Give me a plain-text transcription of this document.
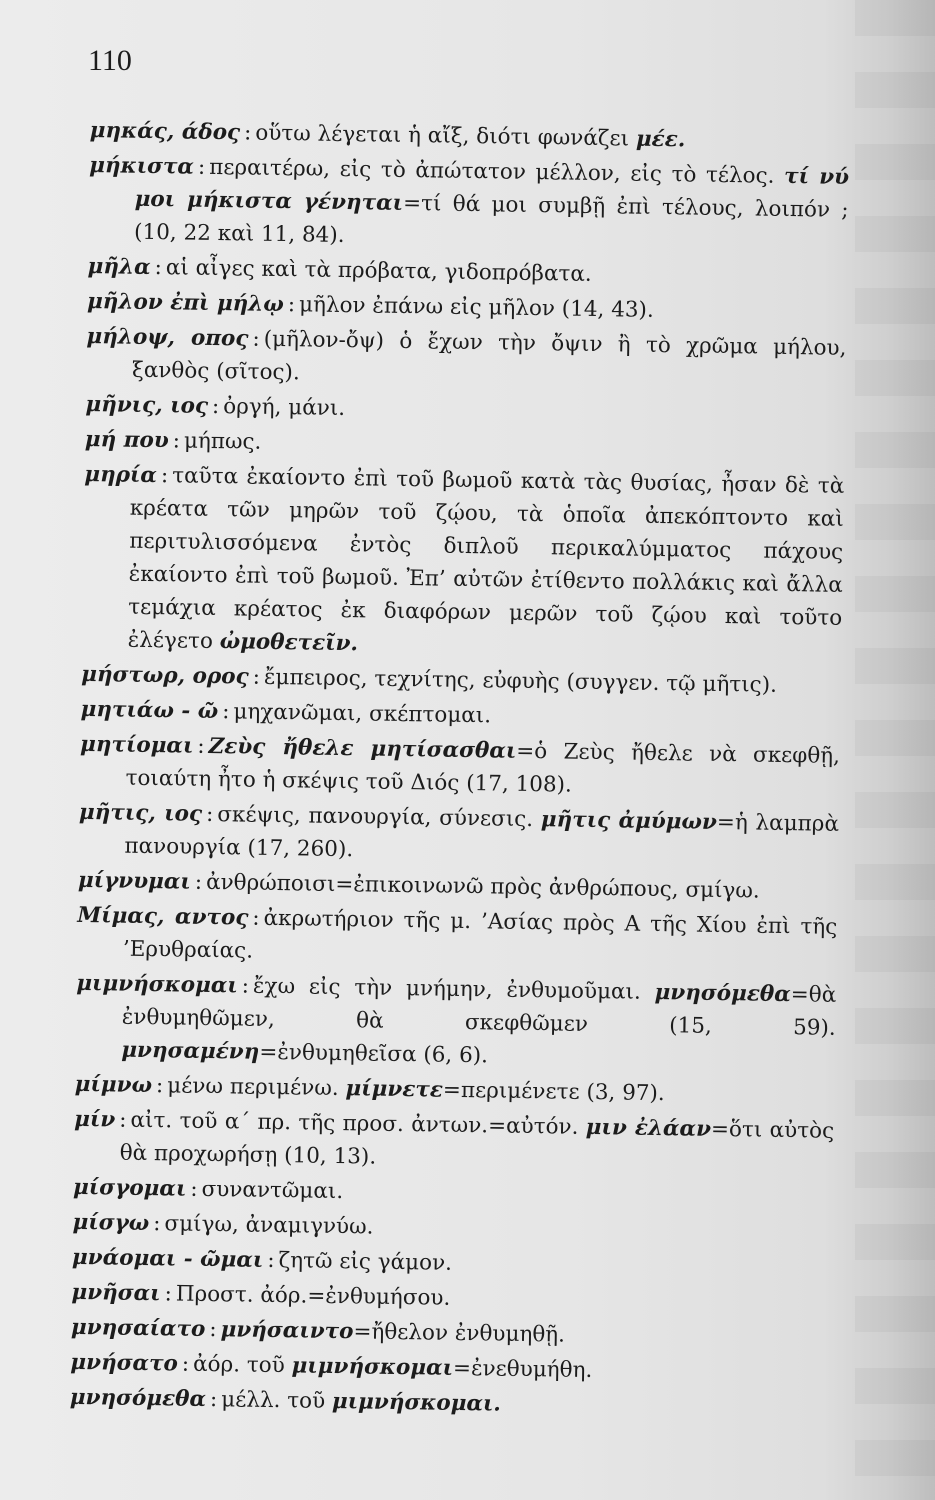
110

μηκάς, άδος : οὕτω λέγεται ἡ αἴξ, διότι φωνάζει μέε.

μήκιστα : περαιτέρω, εἰς τὸ ἀπώτατον μέλλον, εἰς τὸ τέλος. τί νύ μοι μήκιστα γένηται=τί θά μοι συμβῇ ἐπὶ τέλους, λοιπόν ; (10, 22 καὶ 11, 84).

μῆλα : αἱ αἶγες καὶ τὰ πρόβατα, γιδοπρόβατα.

μῆλον ἐπὶ μήλῳ : μῆλον ἐπάνω εἰς μῆλον (14, 43).

μήλοψ, οπος : (μῆλον-ὄψ) ὁ ἔχων τὴν ὄψιν ἢ τὸ χρῶμα μήλου, ξανθὸς (σῖτος).

μῆνις, ιος : ὀργή, μάνι.

μή που : μήπως.

μηρία : ταῦτα ἐκαίοντο ἐπὶ τοῦ βωμοῦ κατὰ τὰς θυσίας, ἦσαν δὲ τὰ κρέατα τῶν μηρῶν τοῦ ζῴου, τὰ ὁποῖα ἀπεκόπτοντο καὶ περιτυλισσόμενα ἐντὸς διπλοῦ περικαλύμματος πάχους ἐκαίοντο ἐπὶ τοῦ βωμοῦ. Ἐπ’ αὐτῶν ἐτίθεντο πολλάκις καὶ ἄλλα τεμάχια κρέατος ἐκ διαφόρων μερῶν τοῦ ζῴου καὶ τοῦτο ἐλέγετο ὠμοθετεῖν.

μήστωρ, ορος : ἔμπειρος, τεχνίτης, εὐφυὴς (συγγεν. τῷ μῆτις).

μητιάω - ῶ : μηχανῶμαι, σκέπτομαι.

μητίομαι : Ζεὺς ἤθελε μητίσασθαι=ὁ Ζεὺς ἤθελε νὰ σκεφθῇ, τοιαύτη ἦτο ἡ σκέψις τοῦ Διός (17, 108).

μῆτις, ιος : σκέψις, πανουργία, σύνεσις. μῆτις ἀμύμων=ἡ λαμπρὰ πανουργία (17, 260).

μίγνυμαι : ἀνθρώποισι=ἐπικοινωνῶ πρὸς ἀνθρώπους, σμίγω.

Μίμας, αντος : ἀκρωτήριον τῆς μ. ’Ασίας πρὸς Α τῆς Χίου ἐπὶ τῆς ’Ερυθραίας.

μιμνήσκομαι : ἔχω εἰς τὴν μνήμην, ἐνθυμοῦμαι. μνησόμεθα=θὰ ἐνθυμηθῶμεν, θὰ σκεφθῶμεν (15, 59). μνησαμένη=ἐνθυμηθεῖσα (6, 6).

μίμνω : μένω περιμένω. μίμνετε=περιμένετε (3, 97).

μίν : αἰτ. τοῦ α΄ πρ. τῆς προσ. ἀντων.=αὐτόν. μιν ἐλάαν=ὅτι αὐτὸς θὰ προχωρήσῃ (10, 13).

μίσγομαι : συναντῶμαι.

μίσγω : σμίγω, ἀναμιγνύω.

μνάομαι - ῶμαι : ζητῶ εἰς γάμον.

μνῆσαι : Προστ. ἀόρ.=ἐνθυμήσου.

μνησαίατο : μνήσαιντο=ἤθελον ἐνθυμηθῇ.

μνήσατο : ἀόρ. τοῦ μιμνήσκομαι=ἐνεθυμήθη.

μνησόμεθα : μέλλ. τοῦ μιμνήσκομαι.
